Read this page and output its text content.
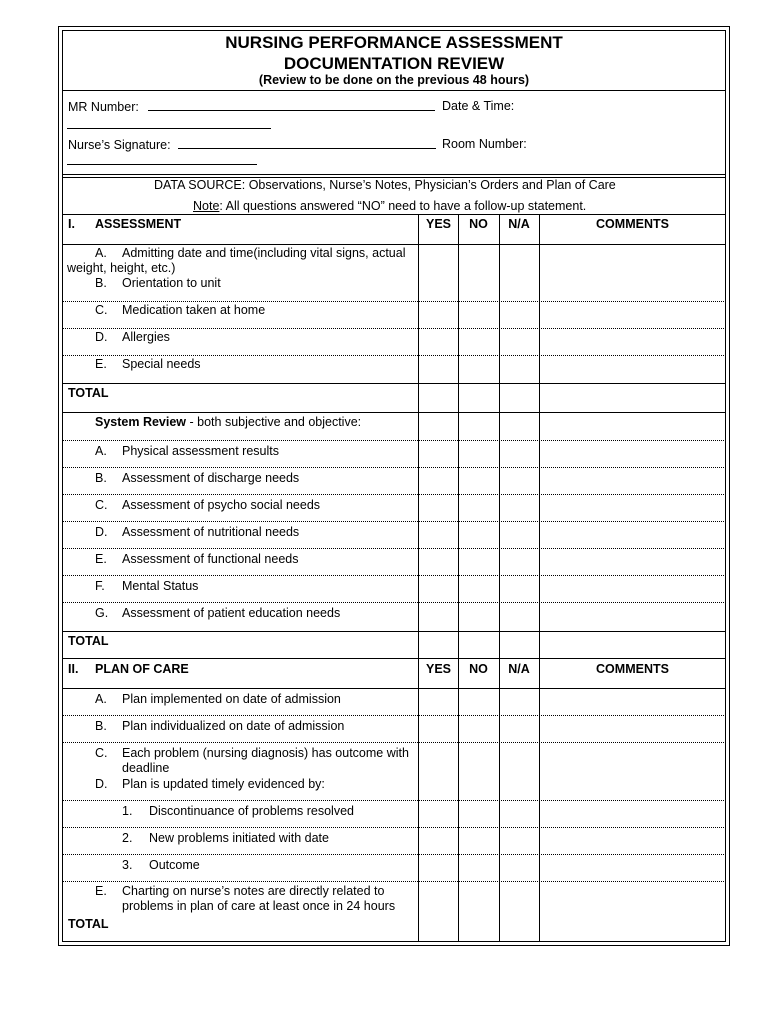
NURSING PERFORMANCE ASSESSMENT
DOCUMENTATION REVIEW
(Review to be done on the previous 48 hours)
MR Number:	Date & Time:
Nurse’s Signature:	Room Number:
DATA SOURCE: Observations, Nurse’s Notes, Physician’s Orders and Plan of Care
Note: All questions answered “NO” need to have a follow-up statement.
I. ASSESSMENT	YES	NO	N/A	COMMENTS
A. Admitting date and time(including vital signs, actual
weight, height, etc.)
B. Orientation to unit
C. Medication taken at home
D. Allergies
E. Special needs
TOTAL
System Review - both subjective and objective:
A. Physical assessment results
B. Assessment of discharge needs
C. Assessment of psycho social needs
D. Assessment of nutritional needs
E. Assessment of functional needs
F. Mental Status
G. Assessment of patient education needs
TOTAL
II. PLAN OF CARE	YES	NO	N/A	COMMENTS
A. Plan implemented on date of admission
B. Plan individualized on date of admission
C. Each problem (nursing diagnosis) has outcome with
deadline
D. Plan is updated timely evidenced by:
1. Discontinuance of problems resolved
2. New problems initiated with date
3. Outcome
E. Charting on nurse’s notes are directly related to
problems in plan of care at least once in 24 hours
TOTAL
